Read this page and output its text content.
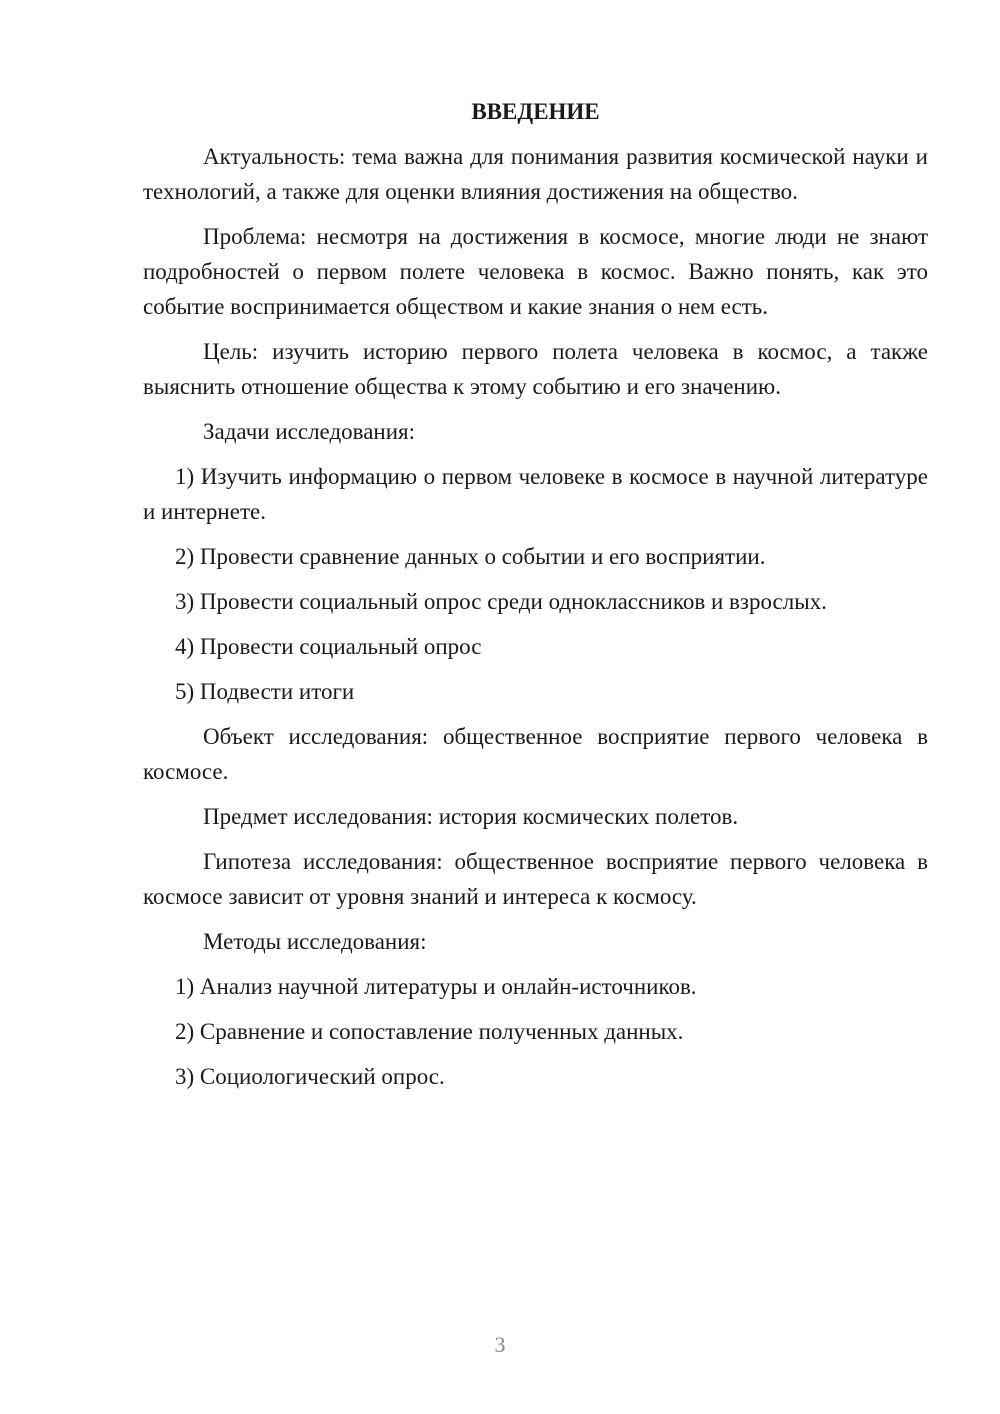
ВВЕДЕНИЕ

Актуальность: тема важна для понимания развития космической науки и технологий, а также для оценки влияния достижения на общество.

Проблема: несмотря на достижения в космосе, многие люди не знают подробностей о первом полете человека в космос. Важно понять, как это событие воспринимается обществом и какие знания о нем есть.

Цель: изучить историю первого полета человека в космос, а также выяснить отношение общества к этому событию и его значению.

Задачи исследования:

1) Изучить информацию о первом человеке в космосе в научной литературе и интернете.

2) Провести сравнение данных о событии и его восприятии.

3) Провести социальный опрос среди одноклассников и взрослых.

4) Провести социальный опрос

5) Подвести итоги

Объект исследования: общественное восприятие первого человека в космосе.

Предмет исследования: история космических полетов.

Гипотеза исследования: общественное восприятие первого человека в космосе зависит от уровня знаний и интереса к космосу.

Методы исследования:

1) Анализ научной литературы и онлайн-источников.

2) Сравнение и сопоставление полученных данных.

3) Социологический опрос.

3
